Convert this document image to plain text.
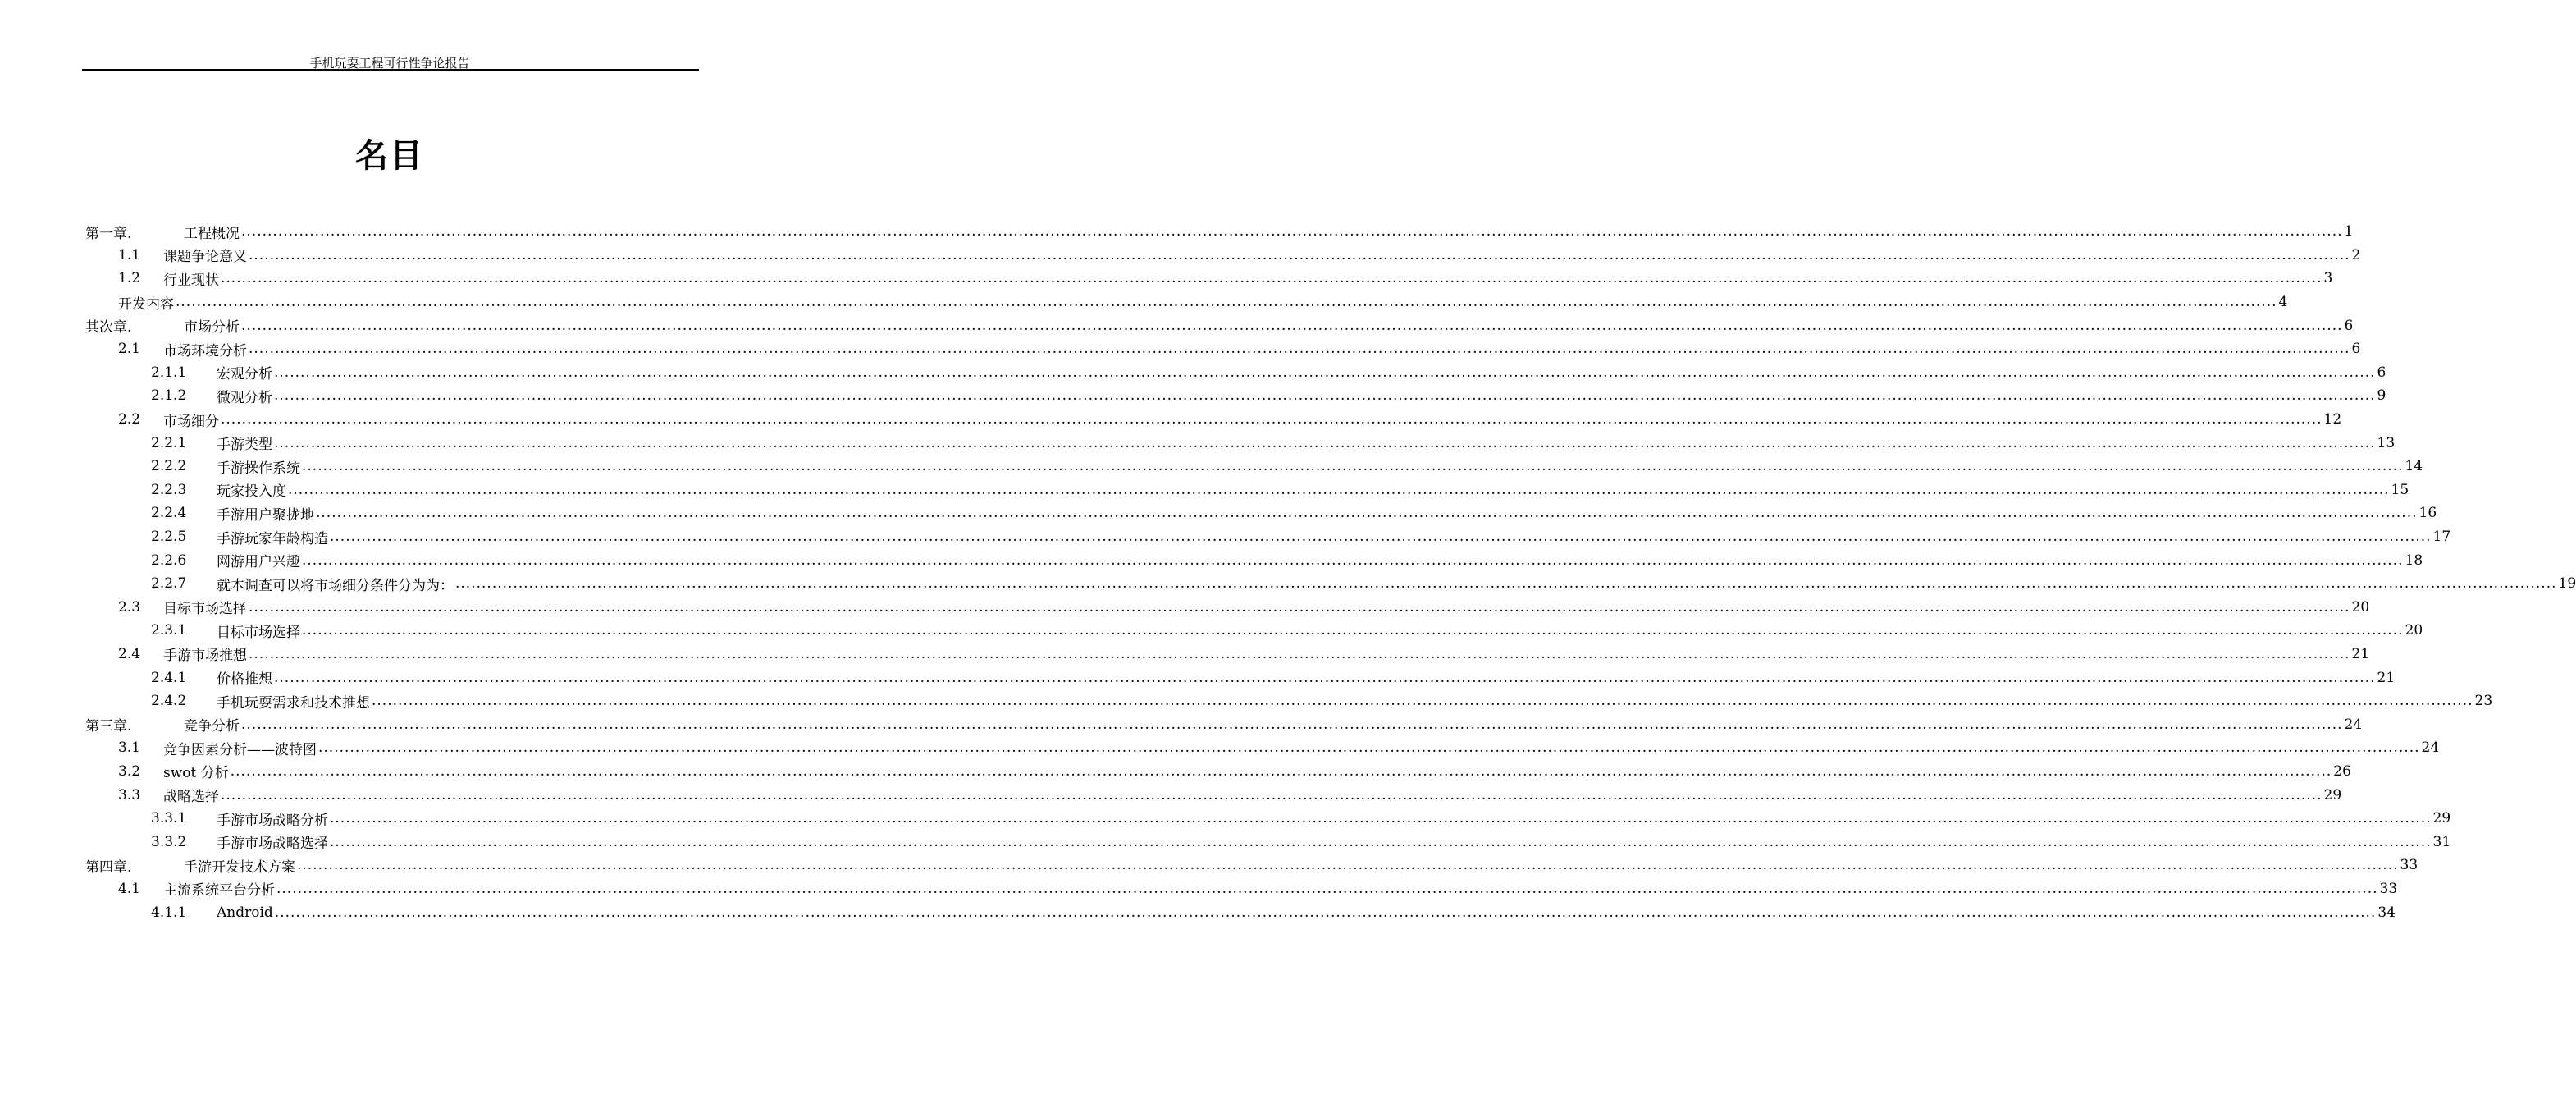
手机玩耍工程可行性争论报告
名目
第一章.	工程概况 ................................................................................................................................................................................................................................................................................................................................................................................................................ 1
1.1 课题争论意义 ................................................................................................................................................................................................................................................................................................................................................................................................................ 2
1.2 行业现状 ................................................................................................................................................................................................................................................................................................................................................................................................................ 3
开发内容 ................................................................................................................................................................................................................................................................................................................................................................................................................ 4
其次章.	市场分析 ................................................................................................................................................................................................................................................................................................................................................................................................................ 6
2.1 市场环境分析 ................................................................................................................................................................................................................................................................................................................................................................................................................ 6
2.1.1 宏观分析 ................................................................................................................................................................................................................................................................................................................................................................................................................ 6
2.1.2 微观分析 ................................................................................................................................................................................................................................................................................................................................................................................................................ 9
2.2 市场细分 ................................................................................................................................................................................................................................................................................................................................................................................................................ 12
2.2.1 手游类型 ................................................................................................................................................................................................................................................................................................................................................................................................................ 13
2.2.2 手游操作系统 ................................................................................................................................................................................................................................................................................................................................................................................................................ 14
2.2.3 玩家投入度 ................................................................................................................................................................................................................................................................................................................................................................................................................ 15
2.2.4 手游用户聚拢地 ................................................................................................................................................................................................................................................................................................................................................................................................................ 16
2.2.5 手游玩家年龄构造 ................................................................................................................................................................................................................................................................................................................................................................................................................ 17
2.2.6 网游用户兴趣 ................................................................................................................................................................................................................................................................................................................................................................................................................ 18
2.2.7 就本调查可以将市场细分条件分为为： ................................................................................................................................................................................................................................................................................................................................................................................................................ 19
2.3 目标市场选择 ................................................................................................................................................................................................................................................................................................................................................................................................................ 20
2.3.1 目标市场选择 ................................................................................................................................................................................................................................................................................................................................................................................................................ 20
2.4 手游市场推想 ................................................................................................................................................................................................................................................................................................................................................................................................................ 21
2.4.1 价格推想 ................................................................................................................................................................................................................................................................................................................................................................................................................ 21
2.4.2 手机玩耍需求和技术推想 ................................................................................................................................................................................................................................................................................................................................................................................................................ 23
第三章.	竞争分析 ................................................................................................................................................................................................................................................................................................................................................................................................................ 24
3.1 竞争因素分析——波特图 ................................................................................................................................................................................................................................................................................................................................................................................................................ 24
3.2 swot 分析 ................................................................................................................................................................................................................................................................................................................................................................................................................ 26
3.3 战略选择 ................................................................................................................................................................................................................................................................................................................................................................................................................ 29
3.3.1 手游市场战略分析 ................................................................................................................................................................................................................................................................................................................................................................................................................ 29
3.3.2 手游市场战略选择 ................................................................................................................................................................................................................................................................................................................................................................................................................ 31
第四章.	手游开发技术方案 ................................................................................................................................................................................................................................................................................................................................................................................................................ 33
4.1 主流系统平台分析 ................................................................................................................................................................................................................................................................................................................................................................................................................ 33
4.1.1 Android ................................................................................................................................................................................................................................................................................................................................................................................................................ 34
